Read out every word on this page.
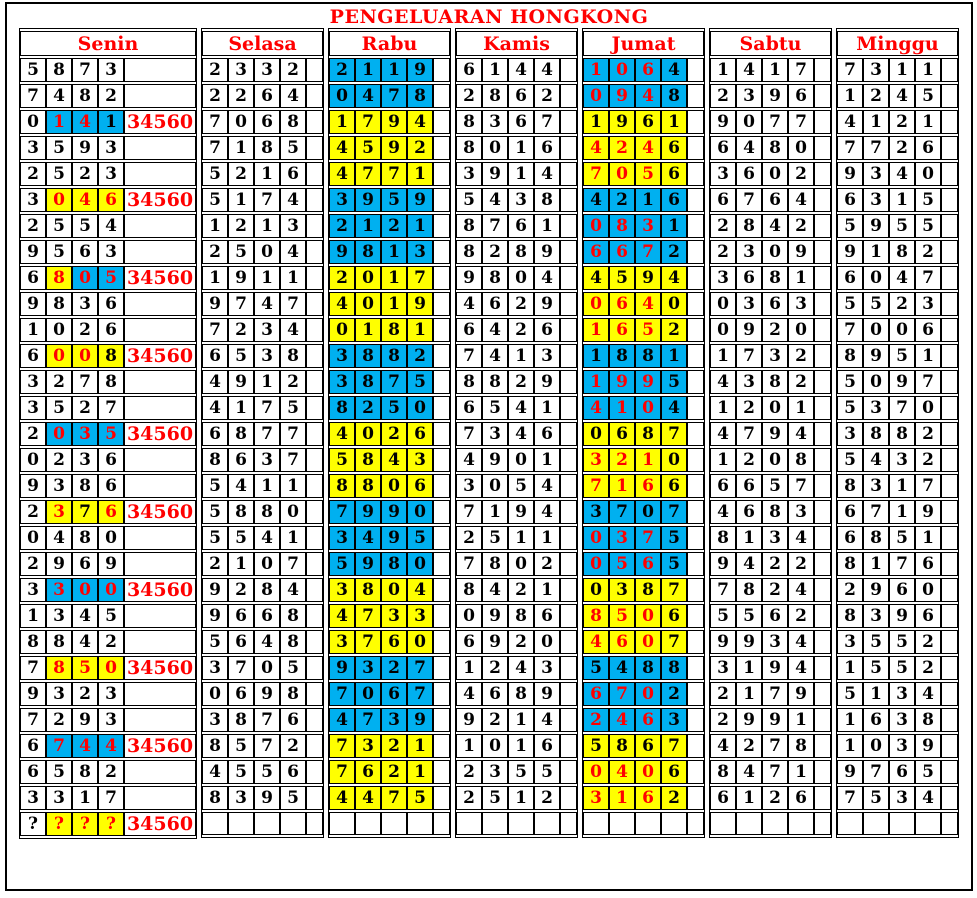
PENGELUARAN HONGKONG
Senin				
5	8	7	3	
7	4	8	2	
0	1	4	1	34560
3	5	9	3	
2	5	2	3	
3	0	4	6	34560
2	5	5	4	
9	5	6	3	
6	8	0	5	34560
9	8	3	6	
1	0	2	6	
6	0	0	8	34560
3	2	7	8	
3	5	2	7	
2	0	3	5	34560
0	2	3	6	
9	3	8	6	
2	3	7	6	34560
0	4	8	0	
2	9	6	9	
3	3	0	0	34560
1	3	4	5	
8	8	4	2	
7	8	5	0	34560
9	3	2	3	
7	2	9	3	
6	7	4	4	34560
6	5	8	2	
3	3	1	7	
?	?	?	?	34560
Selasa				
2	3	3	2	
2	2	6	4	
7	0	6	8	
7	1	8	5	
5	2	1	6	
5	1	7	4	
1	2	1	3	
2	5	0	4	
1	9	1	1	
9	7	4	7	
7	2	3	4	
6	5	3	8	
4	9	1	2	
4	1	7	5	
6	8	7	7	
8	6	3	7	
5	4	1	1	
5	8	8	0	
5	5	4	1	
2	1	0	7	
9	2	8	4	
9	6	6	8	
5	6	4	8	
3	7	0	5	
0	6	9	8	
3	8	7	6	
8	5	7	2	
4	5	5	6	
8	3	9	5	

Rabu				
2	1	1	9	
0	4	7	8	
1	7	9	4	
4	5	9	2	
4	7	7	1	
3	9	5	9	
2	1	2	1	
9	8	1	3	
2	0	1	7	
4	0	1	9	
0	1	8	1	
3	8	8	2	
3	8	7	5	
8	2	5	0	
4	0	2	6	
5	8	4	3	
8	8	0	6	
7	9	9	0	
3	4	9	5	
5	9	8	0	
3	8	0	4	
4	7	3	3	
3	7	6	0	
9	3	2	7	
7	0	6	7	
4	7	3	9	
7	3	2	1	
7	6	2	1	
4	4	7	5	

Kamis				
6	1	4	4	
2	8	6	2	
8	3	6	7	
8	0	1	6	
3	9	1	4	
5	4	3	8	
8	7	6	1	
8	2	8	9	
9	8	0	4	
4	6	2	9	
6	4	2	6	
7	4	1	3	
8	8	2	9	
6	5	4	1	
7	3	4	6	
4	9	0	1	
3	0	5	4	
7	1	9	4	
2	5	1	1	
7	8	0	2	
8	4	2	1	
0	9	8	6	
6	9	2	0	
1	2	4	3	
4	6	8	9	
9	2	1	4	
1	0	1	6	
2	3	5	5	
2	5	1	2	

Jumat				
1	0	6	4	
0	9	4	8	
1	9	6	1	
4	2	4	6	
7	0	5	6	
4	2	1	6	
0	8	3	1	
6	6	7	2	
4	5	9	4	
0	6	4	0	
1	6	5	2	
1	8	8	1	
1	9	9	5	
4	1	0	4	
0	6	8	7	
3	2	1	0	
7	1	6	6	
3	7	0	7	
0	3	7	5	
0	5	6	5	
0	3	8	7	
8	5	0	6	
4	6	0	7	
5	4	8	8	
6	7	0	2	
2	4	6	3	
5	8	6	7	
0	4	0	6	
3	1	6	2	

Sabtu				
1	4	1	7	
2	3	9	6	
9	0	7	7	
6	4	8	0	
3	6	0	2	
6	7	6	4	
2	8	4	2	
2	3	0	9	
3	6	8	1	
0	3	6	3	
0	9	2	0	
1	7	3	2	
4	3	8	2	
1	2	0	1	
4	7	9	4	
1	2	0	8	
6	6	5	7	
4	6	8	3	
8	1	3	4	
9	4	2	2	
7	8	2	4	
5	5	6	2	
9	9	3	4	
3	1	9	4	
2	1	7	9	
2	9	9	1	
4	2	7	8	
8	4	7	1	
6	1	2	6	

Minggu				
7	3	1	1	
1	2	4	5	
4	1	2	1	
7	7	2	6	
9	3	4	0	
6	3	1	5	
5	9	5	5	
9	1	8	2	
6	0	4	7	
5	5	2	3	
7	0	0	6	
8	9	5	1	
5	0	9	7	
5	3	7	0	
3	8	8	2	
5	4	3	2	
8	3	1	7	
6	7	1	9	
6	8	5	1	
8	1	7	6	
2	9	6	0	
8	3	9	6	
3	5	5	2	
1	5	5	2	
5	1	3	4	
1	6	3	8	
1	0	3	9	
9	7	6	5	
7	5	3	4	
